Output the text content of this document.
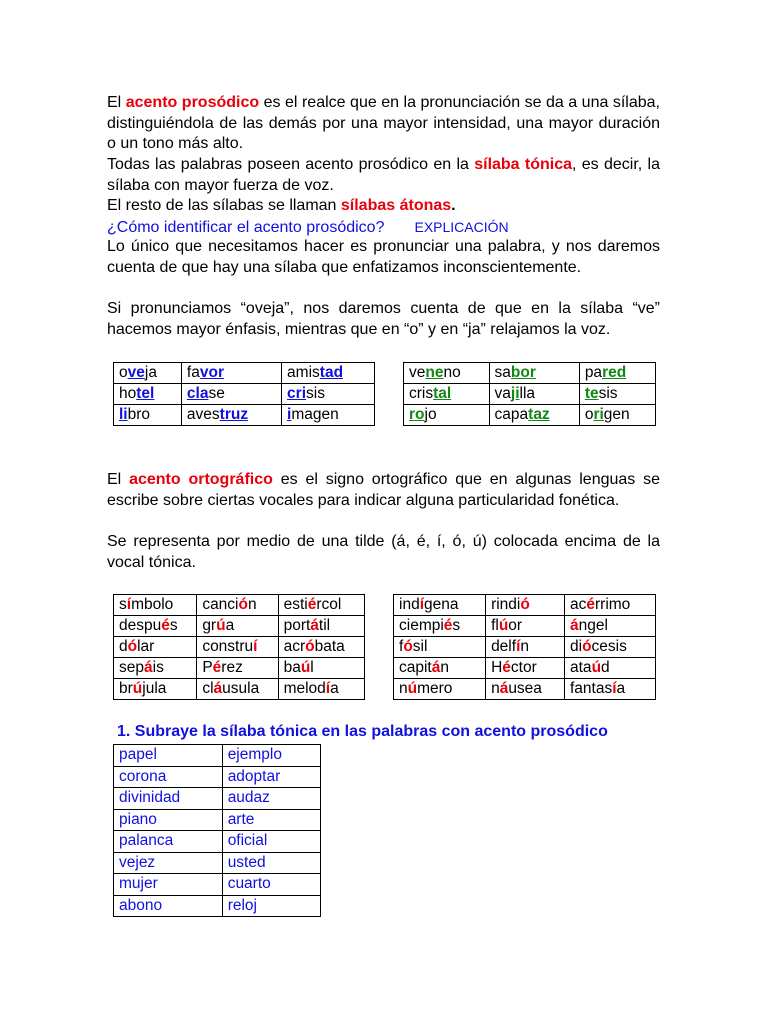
El acento prosódico es el realce que en la pronunciación se da a una sílaba, distinguiéndola de las demás por una mayor intensidad, una mayor duración o un tono más alto.

Todas las palabras poseen acento prosódico en la sílaba tónica, es decir, la sílaba con mayor fuerza de voz.

El resto de las sílabas se llaman sílabas átonas.

¿Cómo identificar el acento prosódico? EXPLICACIÓN

Lo único que necesitamos hacer es pronunciar una palabra, y nos daremos cuenta de que hay una sílaba que enfatizamos inconscientemente.

Si pronunciamos “oveja”, nos daremos cuenta de que en la sílaba “ve” hacemos mayor énfasis, mientras que en “o” y en “ja” relajamos la voz.

oveja	favor	amistad
hotel	clase	crisis
libro	avestruz	imagen
veneno	sabor	pared
cristal	vajilla	tesis
rojo	capataz	origen

El acento ortográfico es el signo ortográfico que en algunas lenguas se escribe sobre ciertas vocales para indicar alguna particularidad fonética.

Se representa por medio de una tilde (á, é, í, ó, ú) colocada encima de la vocal tónica.

símbolo	canción	estiércol
después	grúa	portátil
dólar	construí	acróbata
sepáis	Pérez	baúl
brújula	cláusula	melodía
indígena	rindió	acérrimo
ciempiés	flúor	ángel
fósil	delfín	diócesis
capitán	Héctor	ataúd
número	náusea	fantasía

1. Subraye la sílaba tónica en las palabras con acento prosódico

papel	ejemplo
corona	adoptar
divinidad	audaz
piano	arte
palanca	oficial
vejez	usted
mujer	cuarto
abono	reloj
